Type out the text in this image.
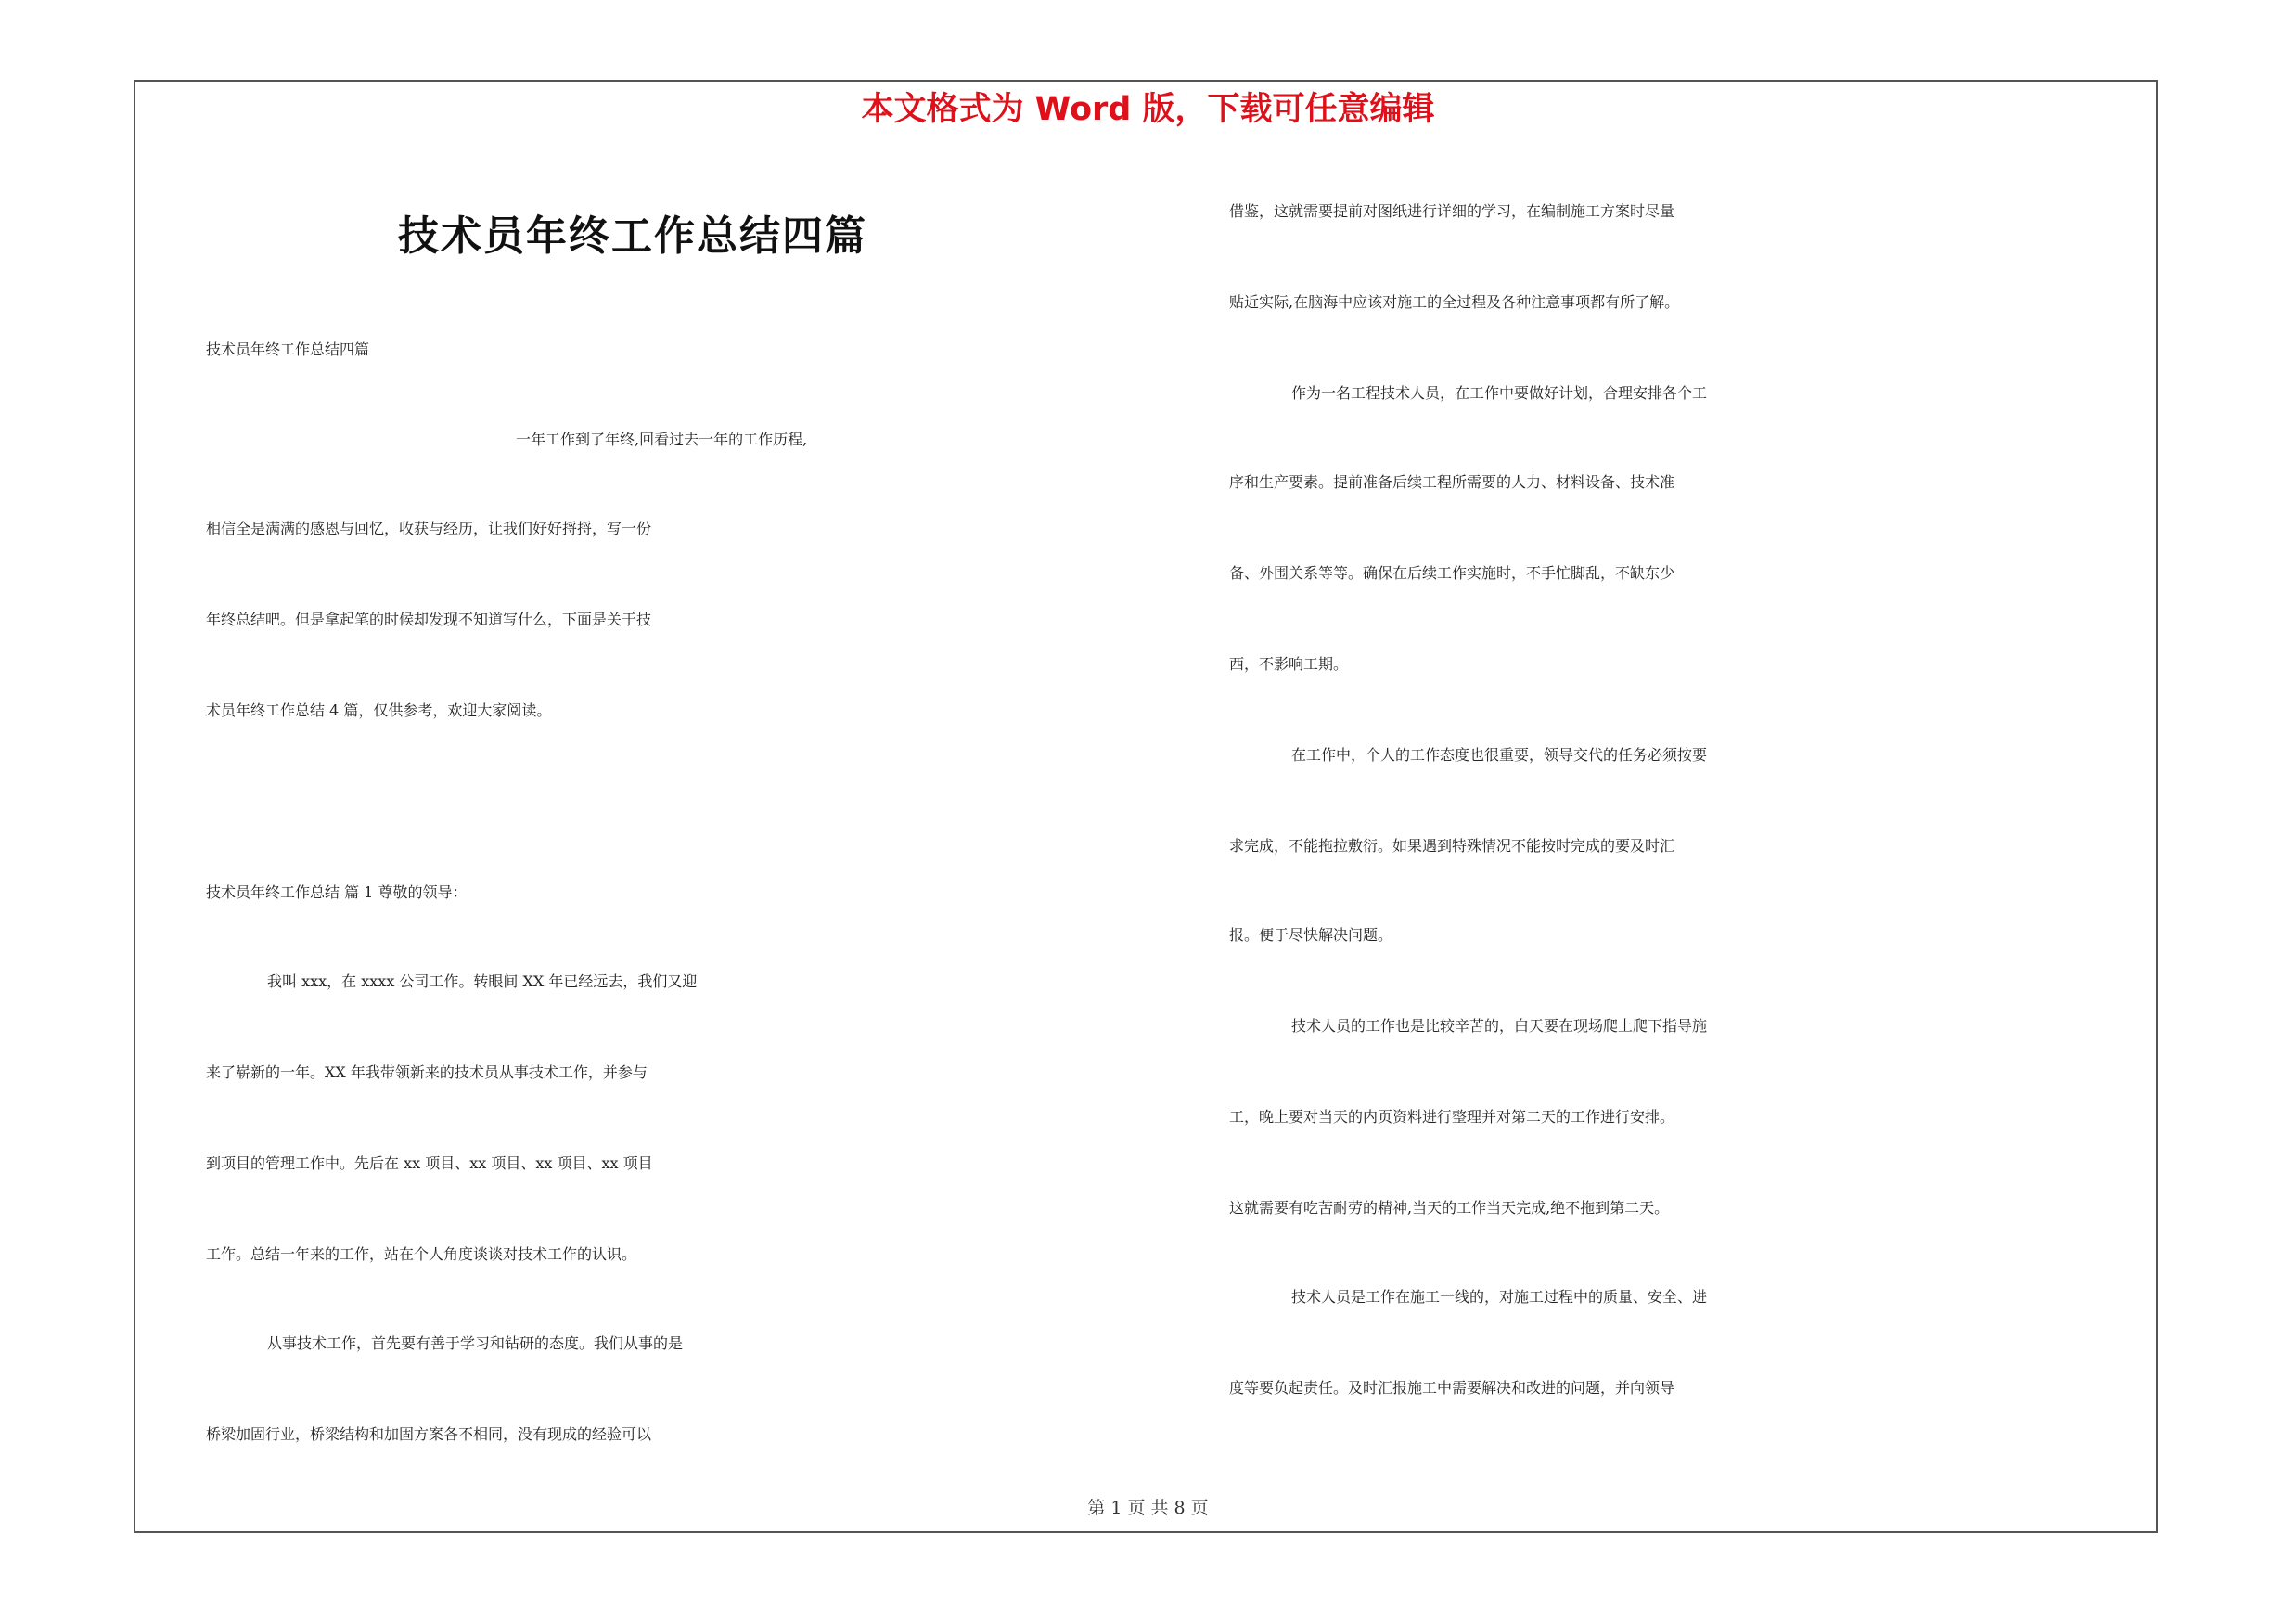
本文格式为 Word 版，下载可任意编辑
技术员年终工作总结四篇
技术员年终工作总结四篇
一年工作到了年终,回看过去一年的工作历程,
相信全是满满的感恩与回忆，收获与经历，让我们好好捋捋，写一份
年终总结吧。但是拿起笔的时候却发现不知道写什么，下面是关于技
术员年终工作总结 4 篇，仅供参考，欢迎大家阅读。
技术员年终工作总结 篇 1 尊敬的领导：
我叫 xxx，在 xxxx 公司工作。转眼间 XX 年已经远去，我们又迎
来了崭新的一年。XX 年我带领新来的技术员从事技术工作，并参与
到项目的管理工作中。先后在 xx 项目、xx 项目、xx 项目、xx 项目
工作。总结一年来的工作，站在个人角度谈谈对技术工作的认识。
从事技术工作，首先要有善于学习和钻研的态度。我们从事的是
桥梁加固行业，桥梁结构和加固方案各不相同，没有现成的经验可以
借鉴，这就需要提前对图纸进行详细的学习，在编制施工方案时尽量
贴近实际,在脑海中应该对施工的全过程及各种注意事项都有所了解。
作为一名工程技术人员，在工作中要做好计划，合理安排各个工
序和生产要素。提前准备后续工程所需要的人力、材料设备、技术准
备、外围关系等等。确保在后续工作实施时，不手忙脚乱，不缺东少
西，不影响工期。
在工作中，个人的工作态度也很重要，领导交代的任务必须按要
求完成，不能拖拉敷衍。如果遇到特殊情况不能按时完成的要及时汇
报。便于尽快解决问题。
技术人员的工作也是比较辛苦的，白天要在现场爬上爬下指导施
工，晚上要对当天的内页资料进行整理并对第二天的工作进行安排。
这就需要有吃苦耐劳的精神,当天的工作当天完成,绝不拖到第二天。
技术人员是工作在施工一线的，对施工过程中的质量、安全、进
度等要负起责任。及时汇报施工中需要解决和改进的问题，并向领导
第 1 页 共 8 页
